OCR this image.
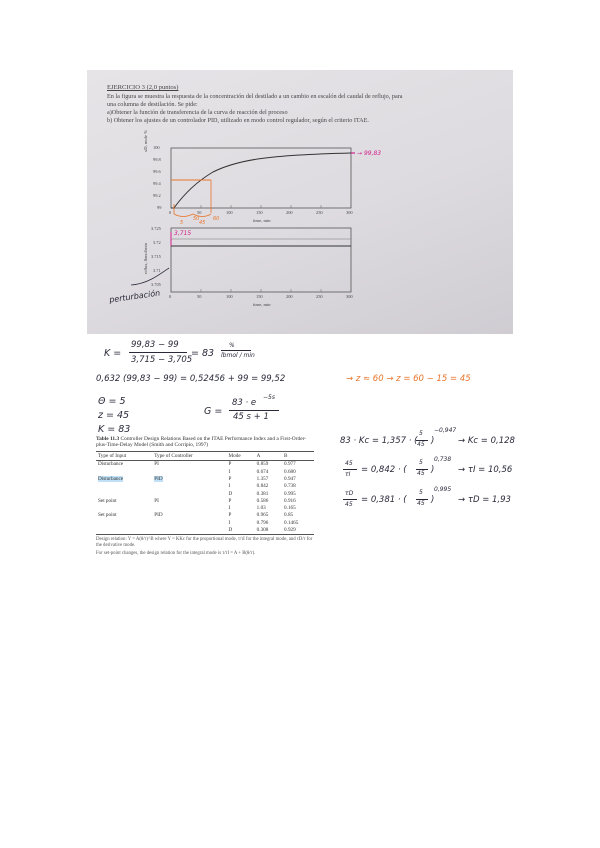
EJERCICIO 3 (2,0 puntos)
En la figura se muestra la respuesta de la concentración del destilado a un cambio en escalón del caudal de reflujo, para
una columna de destilación. Se pide:
a)Obtener la función de transferencia de la curva de reacción del proceso
b) Obtener los ajustes de un controlador PID, utilizado en modo control regulador, según el criterio ITAE.
xD, mole % 100
99.8
99.6
99.4
99.2
99
0	50	100	150	200	250	300
time, min
reflux, lbmol/min
3.725
3.72
3.715
3.71
3.705
0	50	100	150	200	250	300
time, min
→ 99,83
3,715
50
45
5
60
perturbación
K =
99,83 − 99
3,715 − 3,705
= 83
%
lbmol / min
0,632 (99,83 − 99) = 0,52456 + 99 = 99,52	→ z ≈ 60 → z = 60 − 15 = 45
Θ = 5
z = 45
K = 83
G =
83 · e
−5s
45 s + 1
Table 11.3 Controller Design Relations Based on the ITAE Performance Index and a First-Order-plus-Time-Delay Model (Smith and Corripio, 1997)
Type of Input	Type of Controller	Mode	A	B
Disturbance	PI	P	0.859	0.977
		I	0.674	0.680
Disturbance	PID	P	1.357	0.947
		I	0.842	0.738
		D	0.381	0.995
Set point	PI	P	0.586	0.916
		I	1.03	0.165
Set point	PID	P	0.965	0.85
		I	0.796	0.1465
		D	0.308	0.929
Design relation: Y = A(θ/τ)^B where Y = KKc for the proportional mode, τ/τI for the integral mode, and τD/τ for the derivative mode.
For set-point changes, the design relation for the integral mode is τ/τI = A + B(θ/τ).
83 · Kc = 1,357 · (
5
45 )
−0,947
→ Kc = 0,128
45
τI = 0,842 · (
5
45 )
0,738
→ τI = 10,56
τD
45 = 0,381 · (
5
45 )
0,995
→ τD = 1,93
